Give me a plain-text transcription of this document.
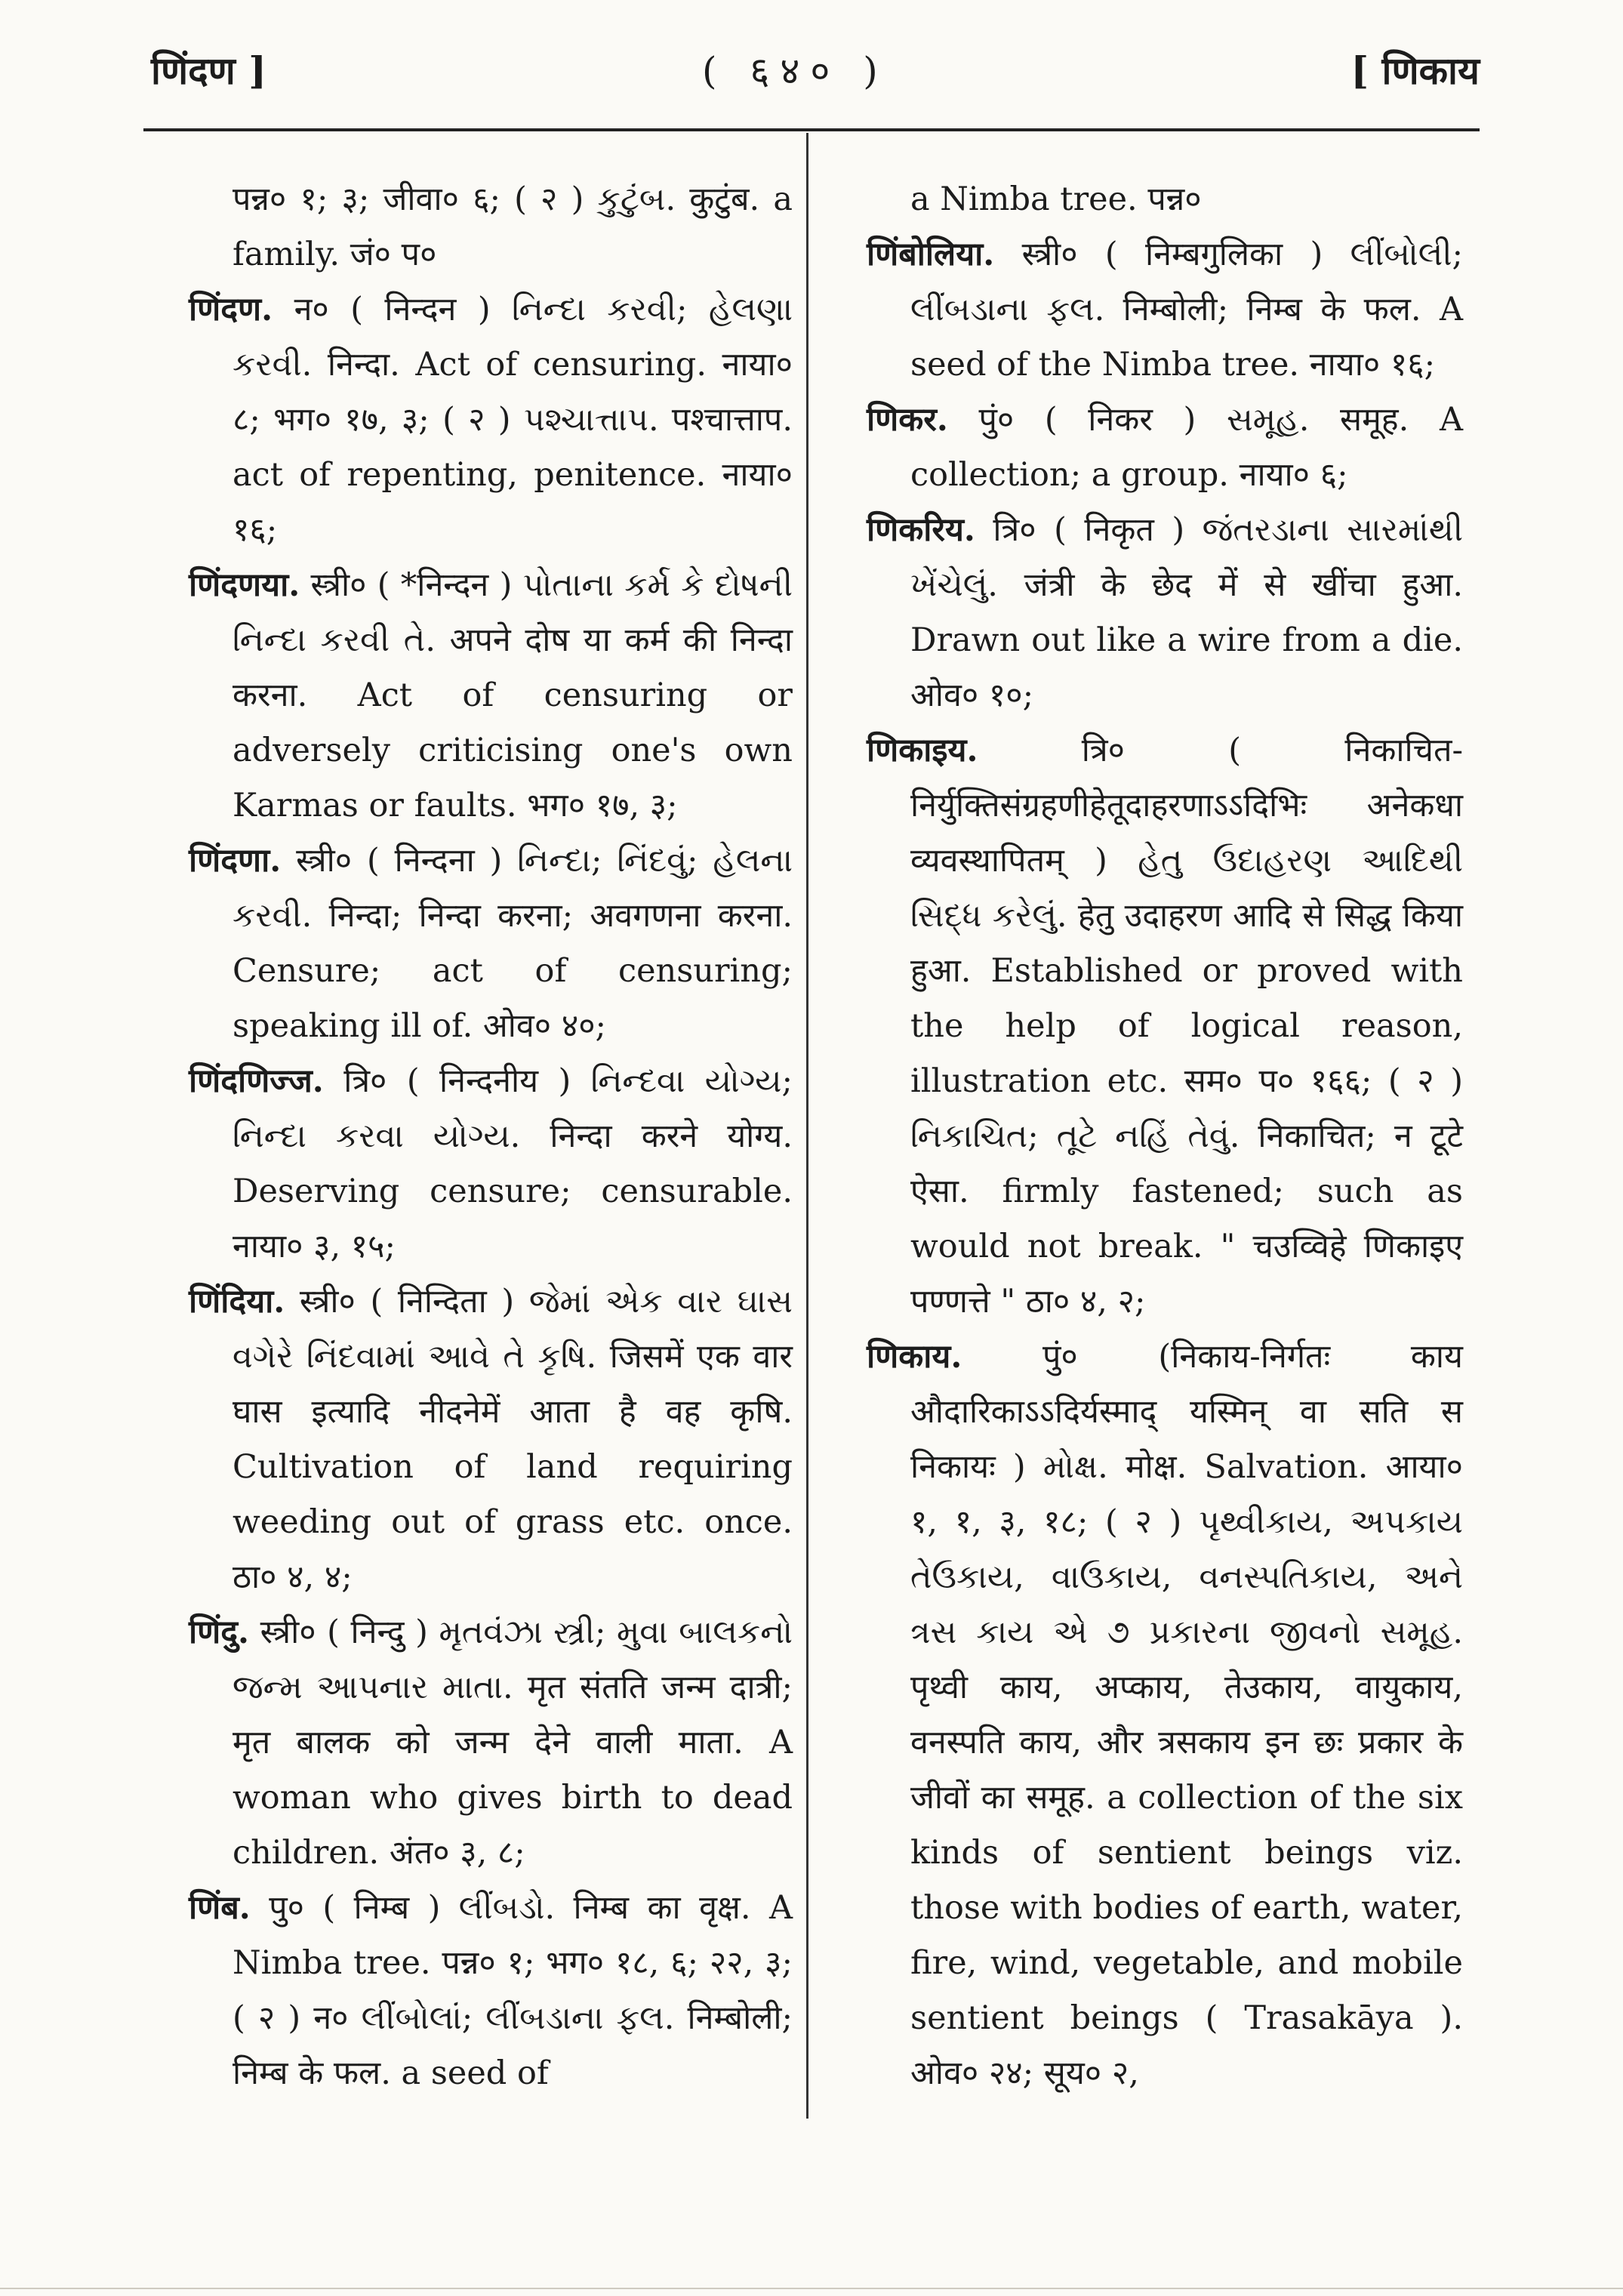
णिंदण ]	( ६४० )	[ णिकाय

पन्न० १; ३; जीवा० ६; ( २ ) કુટુંબ. कुटुंब. a family. जं० प०

णिंदण. न० ( निन्दन ) નિન્દા કરવી; હેલણા કરવી. निन्दा. Act of censuring. नाया० ८; भग० १७, ३; ( २ ) પશ્ચાત્તાપ. पश्चात्ताप. act of repenting, penitence. नाया० १६;

णिंदणया. स्त्री० ( *निन्दन ) પોતાના કર્મ કે દોષની નિન્દા કરવી તે. अपने दोष या कर्म की निन्दा करना. Act of censuring or adversely criticising one's own Karmas or faults. भग० १७, ३;

णिंदणा. स्त्री० ( निन्दना ) નિન્દા; નિંદવું; હેલના કરવી. निन्दा; निन्दा करना; अवगणना करना. Censure; act of censuring; speaking ill of. ओव० ४०;

णिंदणिज्ज. त्रि० ( निन्दनीय ) નિન્દવા યોગ્ય; નિન્દા કરવા યોગ્ય. निन्दा करने योग्य. Deserving censure; censurable. नाया० ३, १५;

णिंदिया. स्त्री० ( निन्दिता ) જેમાં એક વાર ઘાસ વગેરે નિંદવામાં આવે તે કૃષિ. जिसमें एक वार घास इत्यादि नीदनेमें आता है वह कृषि. Cultivation of land requiring weeding out of grass etc. once. ठा० ४, ४;

णिंदु. स्त्री० ( निन्दु ) મૃતવંઝા સ્ત્રી; મુવા બાલકનો જન્મ આપનાર માતા. मृत संतति जन्म दात्री; मृत बालक को जन्म देने वाली माता. A woman who gives birth to dead children. अंत० ३, ८;

णिंब. पु० ( निम्ब ) લીંબડો. निम्ब का वृक्ष. A Nimba tree. पन्न० १; भग० १८, ६; २२, ३; ( २ ) न० લીંબોલાં; લીંબડાના ફલ. निम्बोली; निम्ब के फल. a seed of

a Nimba tree. पन्न०

णिंबोलिया. स्त्री० ( निम्बगुलिका ) લીંબોલી; લીંબડાના ફલ. निम्बोली; निम्ब के फल. A seed of the Nimba tree. नाया० १६;

णिकर. पुं० ( निकर ) સમૂહ. समूह. A collection; a group. नाया० ६;

णिकरिय. त्रि० ( निकृत ) જંતરડાના સારમાંથી ખેંચેલું. जंत्री के छेद में से खींचा हुआ. Drawn out like a wire from a die. ओव० १०;

णिकाइय.	त्रि० ( निकाचित-निर्युक्तिसंग्रहणीहेतूदाहरणाऽऽदिभिः अनेकधा व्यवस्थापितम् ) હેતુ ઉદાહરણ આદિથી સિદ્ધ કરેલું. हेतु उदाहरण आदि से सिद्ध किया हुआ. Established or proved with the help of logical reason, illustration etc. सम० प० १६६; ( २ ) નિકાચિત; તૂટે નહિં તેવું. निकाचित; न टूटे ऐसा. firmly fastened; such as would not break. " चउव्विहे णिकाइए पण्णत्ते " ठा० ४, २;

णिकाय. पुं० (निकाय-निर्गतः काय औदारिकाऽऽदिर्यस्माद् यस्मिन् वा सति स निकायः ) મોક્ષ. मोक्ष. Salvation. आया० १, १, ३, १८; ( २ ) પૃથ્વીકાય, અપકાય તેઉકાય, વાઉકાય, વનસ્પતિકાય, અને ત્રસ કાય એ ૭ પ્રકારના જીવનો સમૂહ. पृथ्वी काय, अप्काय, तेउकाय, वायुकाय, वनस्पति काय, और त्रसकाय इन छः प्रकार के जीवों का समूह. a collection of the six kinds of sentient beings viz. those with bodies of earth, water, fire, wind, vegetable, and mobile sentient beings ( Trasakāya ). ओव० २४; सूय० २,
